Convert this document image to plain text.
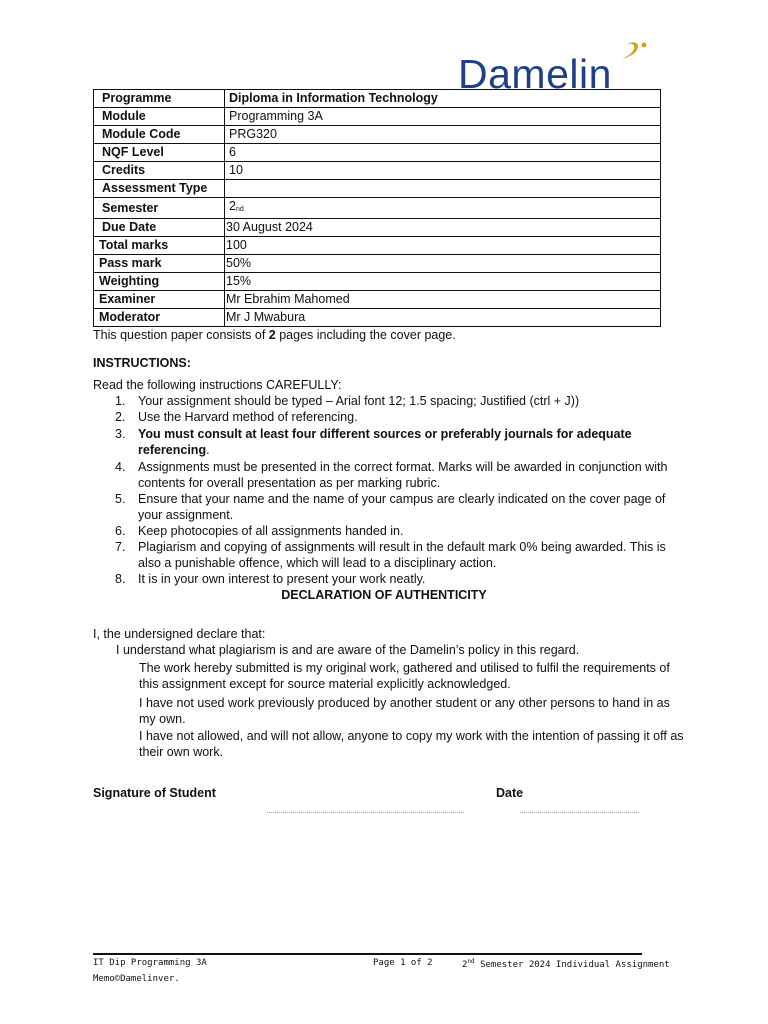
Damelin
Programme	Diploma in Information Technology
Module	Programming 3A
Module Code	PRG320
NQF Level	6
Credits	10
Assessment Type	
Semester	2nd
Due Date	30 August 2024
Total marks	100
Pass mark	50%
Weighting	15%
Examiner	Mr Ebrahim Mahomed
Moderator	Mr J Mwabura
This question paper consists of 2 pages including the cover page.
INSTRUCTIONS:
Read the following instructions CAREFULLY:
1. Your assignment should be typed – Arial font 12; 1.5 spacing; Justified (ctrl + J))
2. Use the Harvard method of referencing.
3. You must consult at least four different sources or preferably journals for adequate referencing.
4. Assignments must be presented in the correct format. Marks will be awarded in conjunction with contents for overall presentation as per marking rubric.
5. Ensure that your name and the name of your campus are clearly indicated on the cover page of your assignment.
6. Keep photocopies of all assignments handed in.
7. Plagiarism and copying of assignments will result in the default mark 0% being awarded. This is also a punishable offence, which will lead to a disciplinary action.
8. It is in your own interest to present your work neatly.
DECLARATION OF AUTHENTICITY
I, the undersigned declare that:
I understand what plagiarism is and are aware of the Damelin’s policy in this regard.
The work hereby submitted is my original work, gathered and utilised to fulfil the requirements of this assignment except for source material explicitly acknowledged.
I have not used work previously produced by another student or any other persons to hand in as my own.
I have not allowed, and will not allow, anyone to copy my work with the intention of passing it off as their own work.
Signature of Student	Date
………………………………………………………………………………………	……………………………………………………
IT Dip Programming 3A
Memo©Damelinver.
Page 1 of 2	2nd Semester 2024 Individual Assignment
